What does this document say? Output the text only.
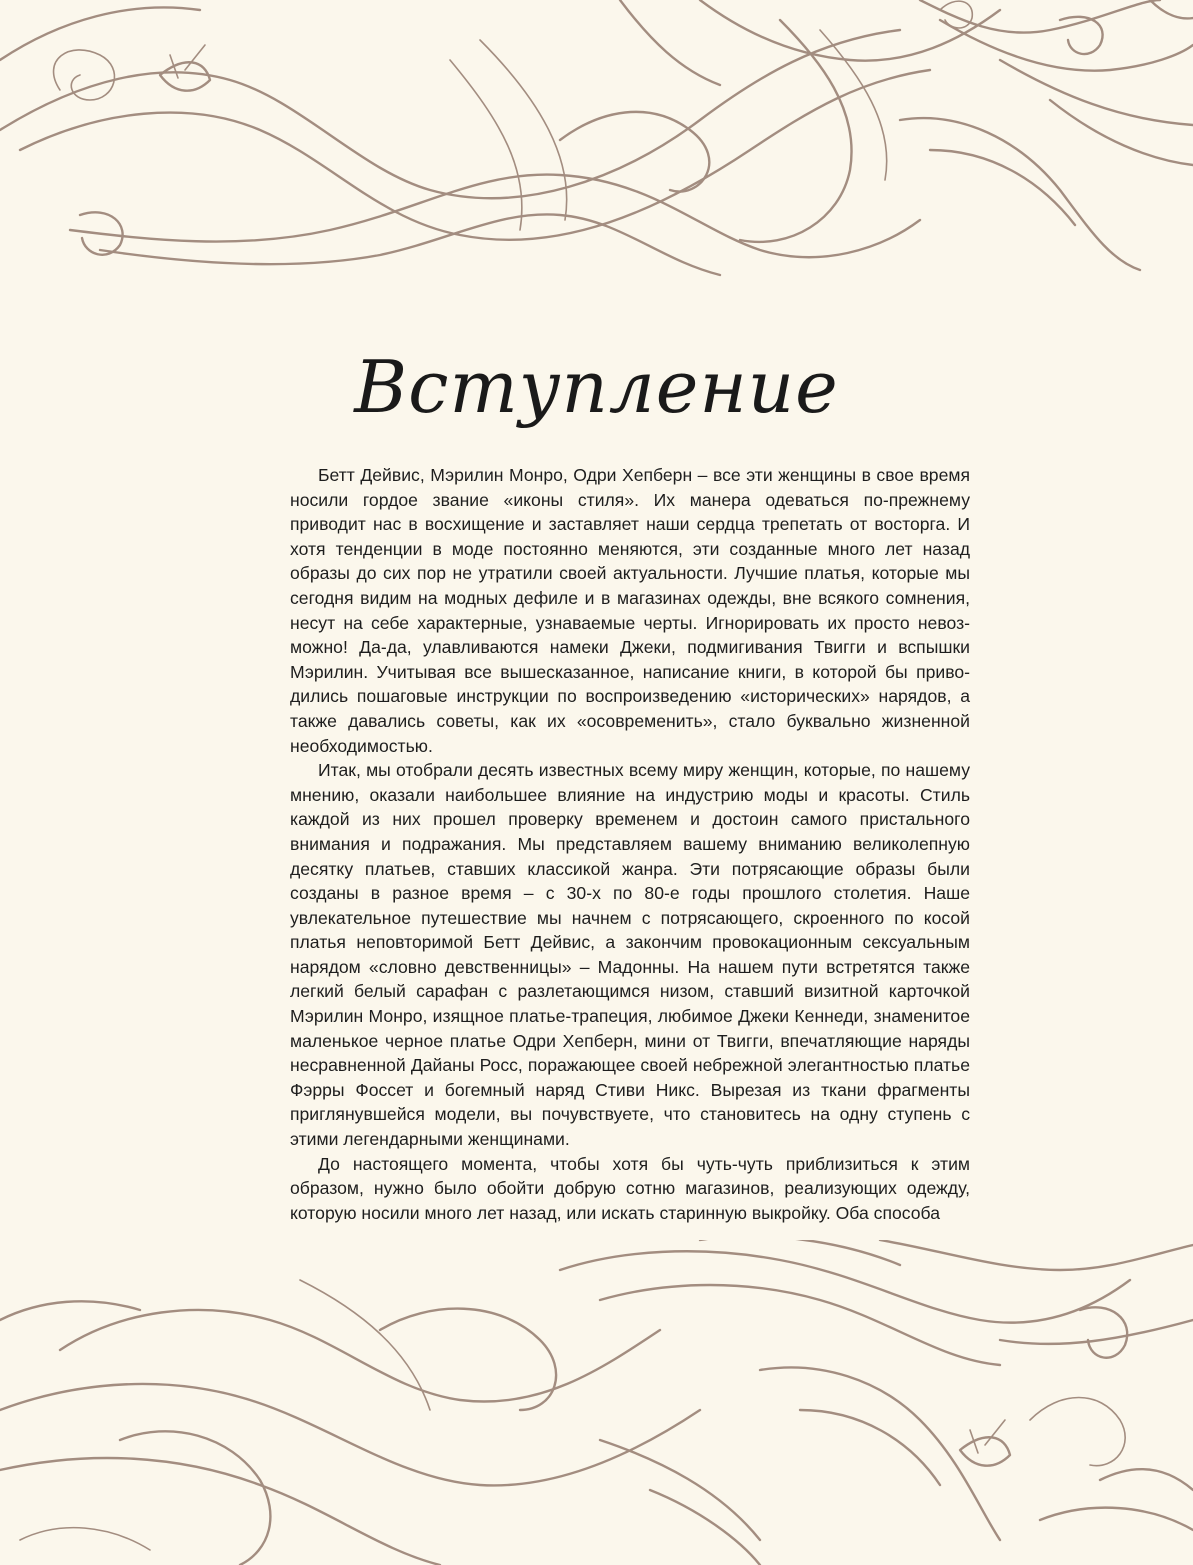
Вступление

Бетт Дейвис, Мэрилин Монро, Одри Хепберн – все эти женщины в свое время носили гордое звание «иконы стиля». Их манера одеваться по-прежнему приводит нас в восхищение и заставляет наши сердца трепетать от восторга. И хотя тенденции в моде постоянно меняются, эти созданные много лет назад образы до сих пор не утратили своей актуальности. Лучшие платья, которые мы сегодня видим на модных дефиле и в магазинах одежды, вне всякого сомнения, несут на себе характерные, узнаваемые черты. Игнорировать их просто невозможно! Да-да, улавливаются намеки Джеки, подмигивания Твигги и вспышки Мэрилин. Учитывая все вышесказанное, написание книги, в которой бы приводились пошаговые инструкции по воспроизведению «исторических» нарядов, а также давались советы, как их «осовременить», стало буквально жизненной необходимостью.

Итак, мы отобрали десять известных всему миру женщин, которые, по нашему мнению, оказали наибольшее влияние на индустрию моды и красоты. Стиль каждой из них прошел проверку временем и достоин самого пристального внимания и подражания. Мы представляем вашему вниманию великолепную десятку платьев, ставших классикой жанра. Эти потрясающие образы были созданы в разное время – с 30-х по 80-е годы прошлого столетия. Наше увлекательное путешествие мы начнем с потрясающего, скроенного по косой платья неповторимой Бетт Дейвис, а закончим провокационным сексуальным нарядом «словно девственницы» – Мадонны. На нашем пути встретятся также легкий белый сарафан с разлетающимся низом, ставший визитной карточкой Мэрилин Монро, изящное платье-трапеция, любимое Джеки Кеннеди, знаменитое маленькое черное платье Одри Хепберн, мини от Твигги, впечатляющие наряды несравненной Дайаны Росс, поражающее своей небрежной элегантностью платье Фэрры Фоссет и богемный наряд Стиви Никс. Вырезая из ткани фрагменты приглянувшейся модели, вы почувствуете, что становитесь на одну ступень с этими легендарными женщинами.

До настоящего момента, чтобы хотя бы чуть-чуть приблизиться к этим образом, нужно было обойти добрую сотню магазинов, реализующих одежду, которую носили много лет назад, или искать старинную выкройку. Оба способа
